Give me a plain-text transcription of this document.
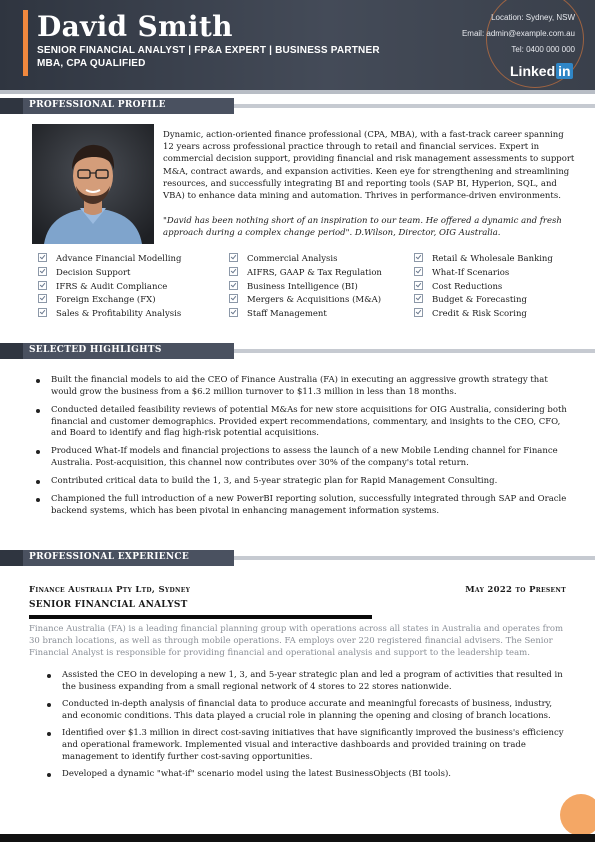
David Smith
SENIOR FINANCIAL ANALYST | FP&A EXPERT | BUSINESS PARTNER
MBA, CPA QUALIFIED
Location: Sydney, NSW
Email: admin@example.com.au
Tel: 0400 000 000
Linked in
PROFESSIONAL PROFILE
Dynamic, action-oriented finance professional (CPA, MBA), with a fast-track career spanning 12 years across professional practice through to retail and financial services. Expert in commercial decision support, providing financial and risk management assessments to support M&A, contract awards, and expansion activities. Keen eye for strengthening and streamlining resources, and successfully integrating BI and reporting tools (SAP BI, Hyperion, SQL, and VBA) to enhance data mining and automation. Thrives in performance-driven environments.
"David has been nothing short of an inspiration to our team. He offered a dynamic and fresh approach during a complex change period". D.Wilson, Director, OIG Australia.
Advance Financial Modelling
Decision Support
IFRS & Audit Compliance
Foreign Exchange (FX)
Sales & Profitability Analysis
Commercial Analysis
AIFRS, GAAP & Tax Regulation
Business Intelligence (BI)
Mergers & Acquisitions (M&A)
Staff Management
Retail & Wholesale Banking
What-If Scenarios
Cost Reductions
Budget & Forecasting
Credit & Risk Scoring
SELECTED HIGHLIGHTS
Built the financial models to aid the CEO of Finance Australia (FA) in executing an aggressive growth strategy that would grow the business from a $6.2 million turnover to $11.3 million in less than 18 months.
Conducted detailed feasibility reviews of potential M&As for new store acquisitions for OIG Australia, considering both financial and customer demographics. Provided expert recommendations, commentary, and insights to the CEO, CFO, and Board to identify and flag high-risk potential acquisitions.
Produced What-If models and financial projections to assess the launch of a new Mobile Lending channel for Finance Australia. Post-acquisition, this channel now contributes over 30% of the company's total return.
Contributed critical data to build the 1, 3, and 5-year strategic plan for Rapid Management Consulting.
Championed the full introduction of a new PowerBI reporting solution, successfully integrated through SAP and Oracle backend systems, which has been pivotal in enhancing management information systems.
PROFESSIONAL EXPERIENCE
Finance Australia Pty Ltd, Sydney	May 2022 to Present
SENIOR FINANCIAL ANALYST
Finance Australia (FA) is a leading financial planning group with operations across all states in Australia and operates from 30 branch locations, as well as through mobile operations. FA employs over 220 registered financial advisers. The Senior Financial Analyst is responsible for providing financial and operational analysis and support to the leadership team.
Assisted the CEO in developing a new 1, 3, and 5-year strategic plan and led a program of activities that resulted in the business expanding from a small regional network of 4 stores to 22 stores nationwide.
Conducted in-depth analysis of financial data to produce accurate and meaningful forecasts of business, industry, and economic conditions. This data played a crucial role in planning the opening and closing of branch locations.
Identified over $1.3 million in direct cost-saving initiatives that have significantly improved the business's efficiency and operational framework. Implemented visual and interactive dashboards and provided training on trade management to identify further cost-saving opportunities.
Developed a dynamic "what-if" scenario model using the latest BusinessObjects (BI tools).
